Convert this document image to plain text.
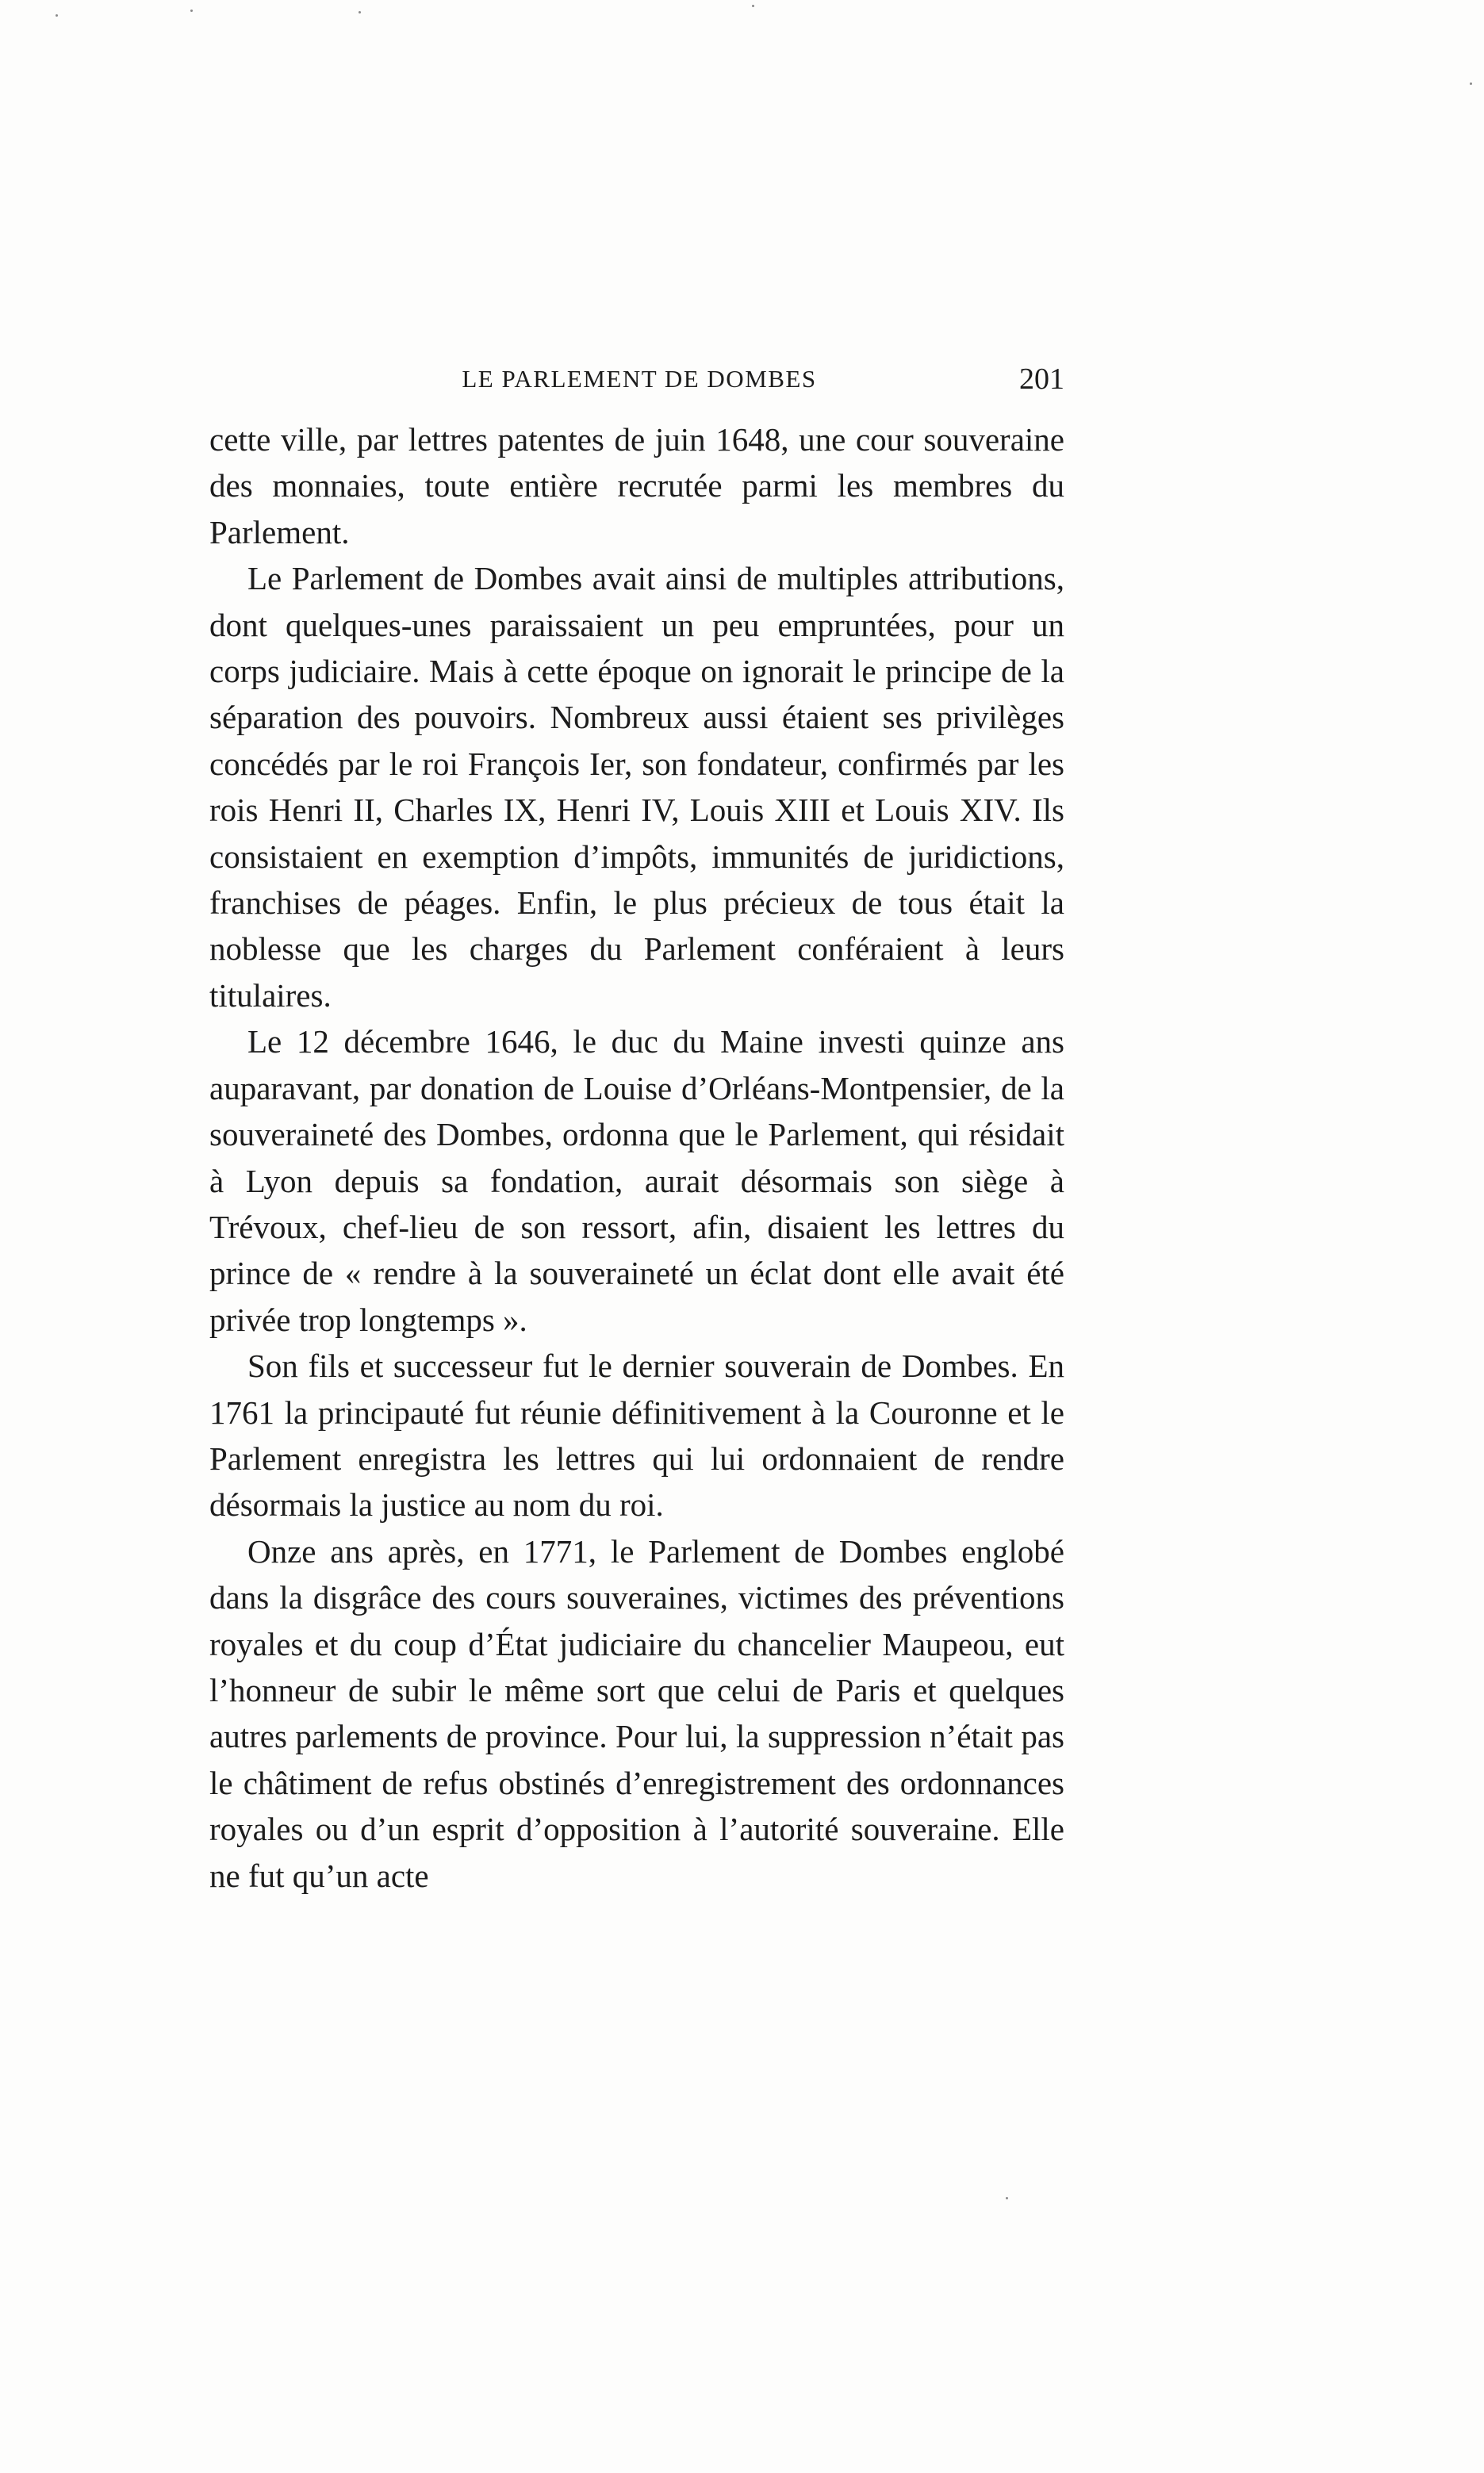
LE PARLEMENT DE DOMBES	201

cette ville, par lettres patentes de juin 1648, une cour souveraine des monnaies, toute entière recrutée parmi les membres du Parlement.

Le Parlement de Dombes avait ainsi de multiples attributions, dont quelques-unes paraissaient un peu empruntées, pour un corps judiciaire. Mais à cette époque on ignorait le principe de la séparation des pouvoirs. Nombreux aussi étaient ses privilèges concédés par le roi François Ier, son fondateur, confirmés par les rois Henri II, Charles IX, Henri IV, Louis XIII et Louis XIV. Ils consistaient en exemption d’impôts, immunités de juridictions, franchises de péages. Enfin, le plus précieux de tous était la noblesse que les charges du Parlement conféraient à leurs titulaires.

Le 12 décembre 1646, le duc du Maine investi quinze ans auparavant, par donation de Louise d’Orléans-Montpensier, de la souveraineté des Dombes, ordonna que le Parlement, qui résidait à Lyon depuis sa fondation, aurait désormais son siège à Trévoux, chef-lieu de son ressort, afin, disaient les lettres du prince de « rendre à la souveraineté un éclat dont elle avait été privée trop longtemps ».

Son fils et successeur fut le dernier souverain de Dombes. En 1761 la principauté fut réunie définitivement à la Couronne et le Parlement enregistra les lettres qui lui ordonnaient de rendre désormais la justice au nom du roi.

Onze ans après, en 1771, le Parlement de Dombes englobé dans la disgrâce des cours souveraines, victimes des préventions royales et du coup d’État judiciaire du chancelier Maupeou, eut l’honneur de subir le même sort que celui de Paris et quelques autres parlements de province. Pour lui, la suppression n’était pas le châtiment de refus obstinés d’enregistrement des ordonnances royales ou d’un esprit d’opposition à l’autorité souveraine. Elle ne fut qu’un acte
